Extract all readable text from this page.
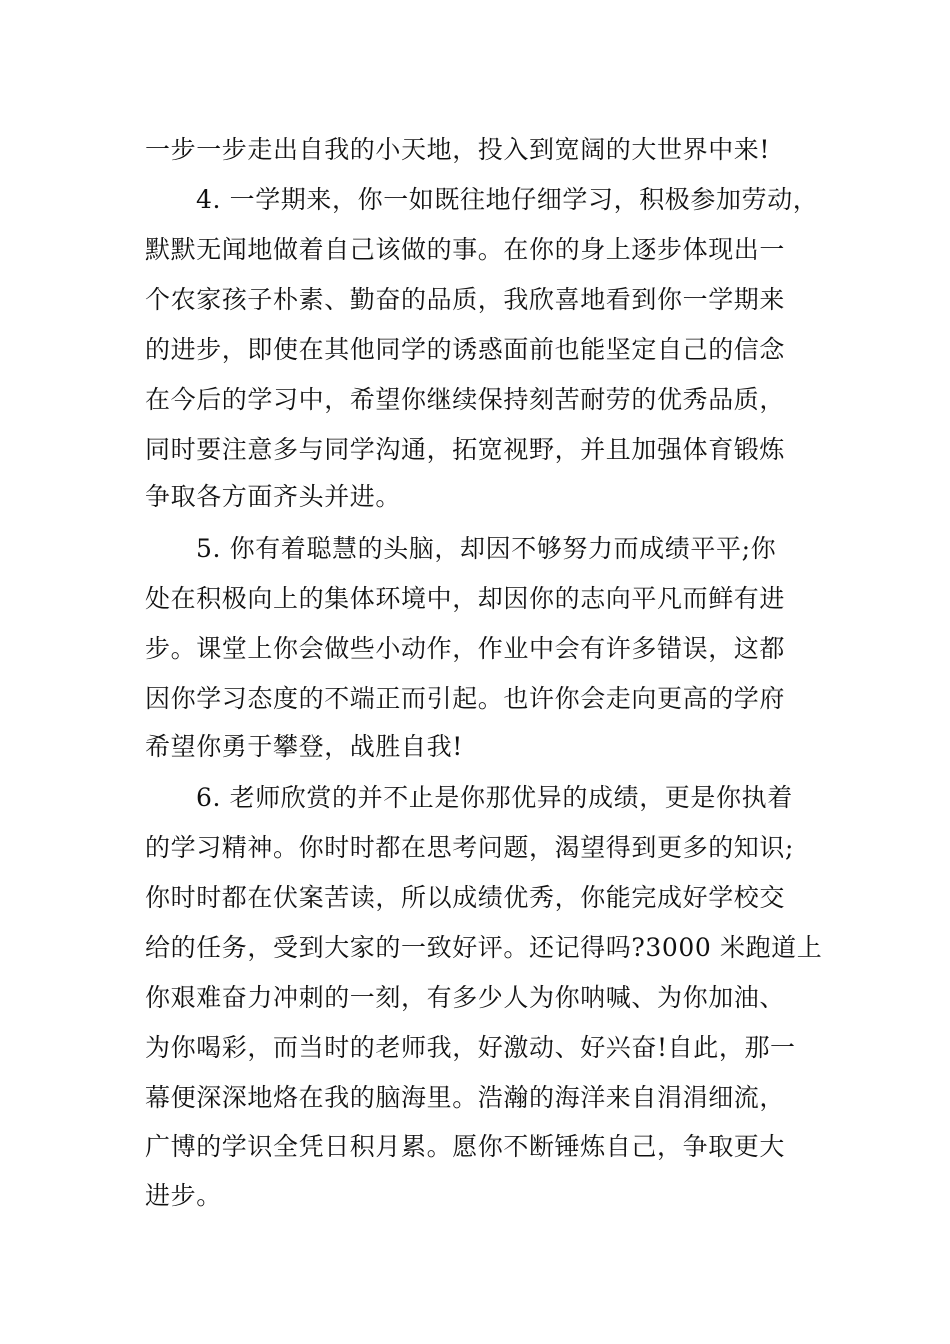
一步一步走出自我的小天地，投入到宽阔的大世界中来!
4. 一学期来，你一如既往地仔细学习，积极参加劳动，
默默无闻地做着自己该做的事。在你的身上逐步体现出一
个农家孩子朴素、勤奋的品质，我欣喜地看到你一学期来
的进步，即使在其他同学的诱惑面前也能坚定自己的信念
在今后的学习中，希望你继续保持刻苦耐劳的优秀品质，
同时要注意多与同学沟通，拓宽视野，并且加强体育锻炼
争取各方面齐头并进。
5. 你有着聪慧的头脑，却因不够努力而成绩平平;你
处在积极向上的集体环境中，却因你的志向平凡而鲜有进
步。课堂上你会做些小动作，作业中会有许多错误，这都
因你学习态度的不端正而引起。也许你会走向更高的学府
希望你勇于攀登，战胜自我!
6. 老师欣赏的并不止是你那优异的成绩，更是你执着
的学习精神。你时时都在思考问题，渴望得到更多的知识;
你时时都在伏案苦读，所以成绩优秀，你能完成好学校交
给的任务，受到大家的一致好评。还记得吗?3000 米跑道上
你艰难奋力冲刺的一刻，有多少人为你呐喊、为你加油、
为你喝彩，而当时的老师我，好激动、好兴奋!自此，那一
幕便深深地烙在我的脑海里。浩瀚的海洋来自涓涓细流，
广博的学识全凭日积月累。愿你不断锤炼自己，争取更大
进步。
